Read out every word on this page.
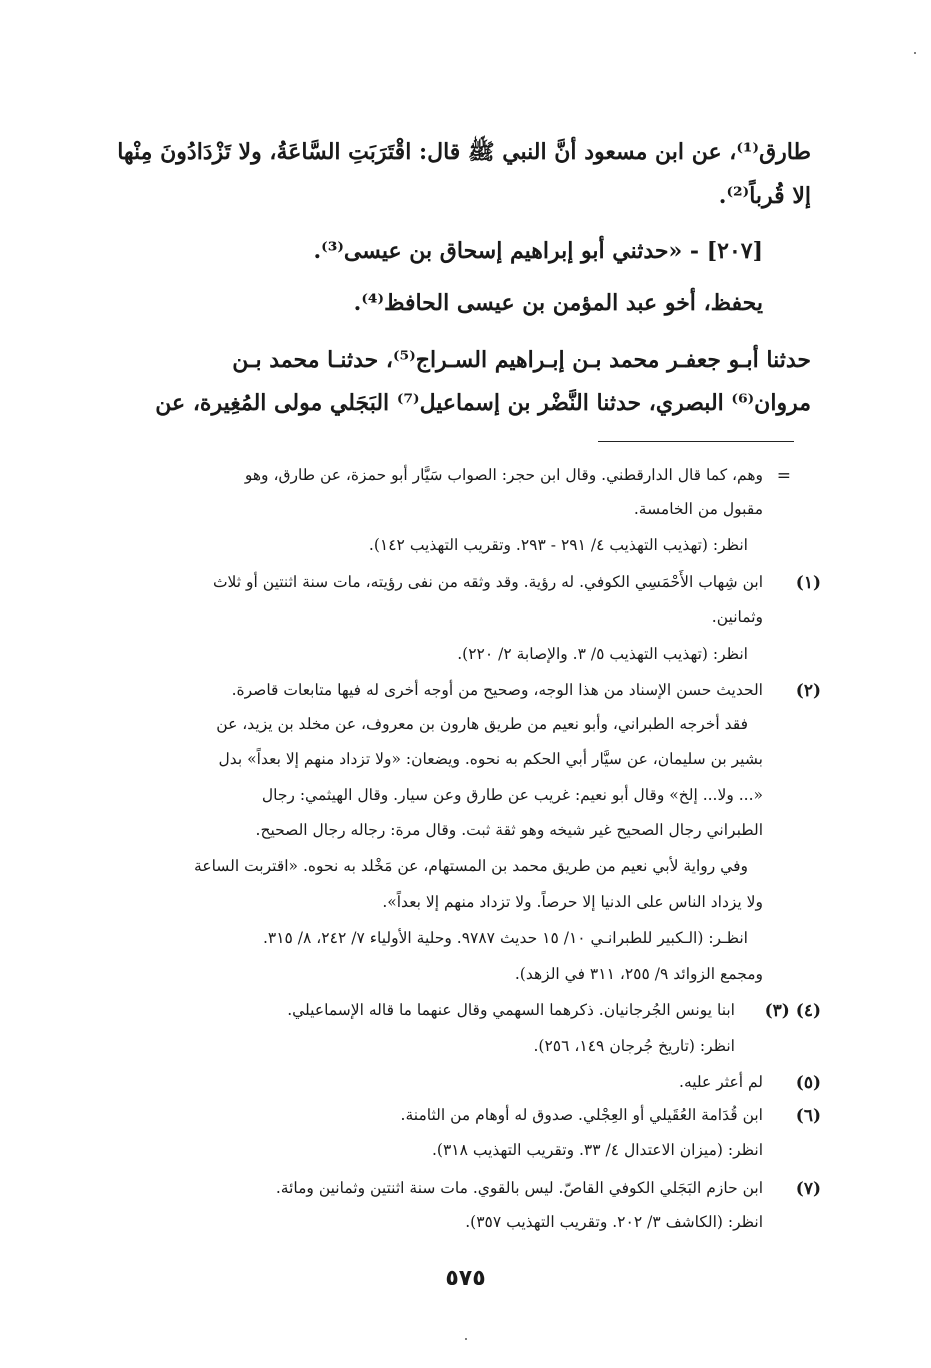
طارق⁽¹⁾، عن ابن مسعود أنَّ النبي ﷺ قال: اقْتَرَبَتِ السَّاعَةُ، ولا تَزْدَادُونَ مِنْها
إلا قُرباً⁽²⁾.
[٢٠٧] - «حدثني أبو إبراهيم إسحاق بن عيسى⁽³⁾.
يحفظ، أخو عبد المؤمن بن عيسى الحافظ⁽⁴⁾.
حدثنا أبـو جعفـر محمد بـن إبـراهيم السـراج⁽⁵⁾، حدثنـا محمد بـن
مروان⁽⁶⁾ البصري، حدثنا النَّضْر بن إسماعيل⁽⁷⁾ البَجَلي مولى المُغِيرة، عن
=
وهم، كما قال الدارقطني. وقال ابن حجر: الصواب سَيَّار أبو حمزة، عن طارق، وهو
مقبول من الخامسة.
انظر: (تهذيب التهذيب ٤/ ٢٩١ - ٢٩٣. وتقريب التهذيب ١٤٢).
(١)
ابن شِهاب الأَحْمَسِي الكوفي. له رؤية. وقد وثقه من نفى رؤيته، مات سنة اثنتين أو ثلاث
وثمانين.
انظر: (تهذيب التهذيب ٥/ ٣. والإصابة ٢/ ٢٢٠).
(٢)
الحديث حسن الإسناد من هذا الوجه، وصحيح من أوجه أخرى له فيها متابعات قاصرة.
فقد أخرجه الطبراني، وأبو نعيم من طريق هارون بن معروف، عن مخلد بن يزيد، عن
بشير بن سليمان، عن سيَّار أبي الحكم به نحوه. ويضعان: «ولا تزداد منهم إلا بعداً» بدل
«... ولا... إلخ» وقال أبو نعيم: غريب عن طارق وعن سيار. وقال الهيثمي: رجال
الطبراني رجال الصحيح غير شيخه وهو ثقة ثبت. وقال مرة: رجاله رجال الصحيح.
وفي رواية لأبي نعيم من طريق محمد بن المستهام، عن مَخْلد به نحوه. «اقتربت الساعة
ولا يزداد الناس على الدنيا إلا حرصاً. ولا تزداد منهم إلا بعداً».
انظـر: (الـكبير للطبرانـي ١٠/ ١٥ حديث ٩٧٨٧. وحلية الأولياء ٧/ ٢٤٢، ٨/ ٣١٥.
ومجمع الزوائد ٩/ ٢٥٥، ٣١١ في الزهد).
(٣) (٤)
ابنا يونس الجُرجانيان. ذكرهما السهمي وقال عنهما ما قاله الإسماعيلي.
انظر: (تاريخ جُرجان ١٤٩، ٢٥٦).
(٥)
لم أعثر عليه.
(٦)
ابن قُدَامة العُقَيلي أو العِجْلي. صدوق له أوهام من الثامنة.
انظر: (ميزان الاعتدال ٤/ ٣٣. وتقريب التهذيب ٣١٨).
(٧)
ابن حازم البَجَلي الكوفي القاصّ. ليس بالقوي. مات سنة اثنتين وثمانين ومائة.
انظر: (الكاشف ٣/ ٢٠٢. وتقريب التهذيب ٣٥٧).
٥٧٥
